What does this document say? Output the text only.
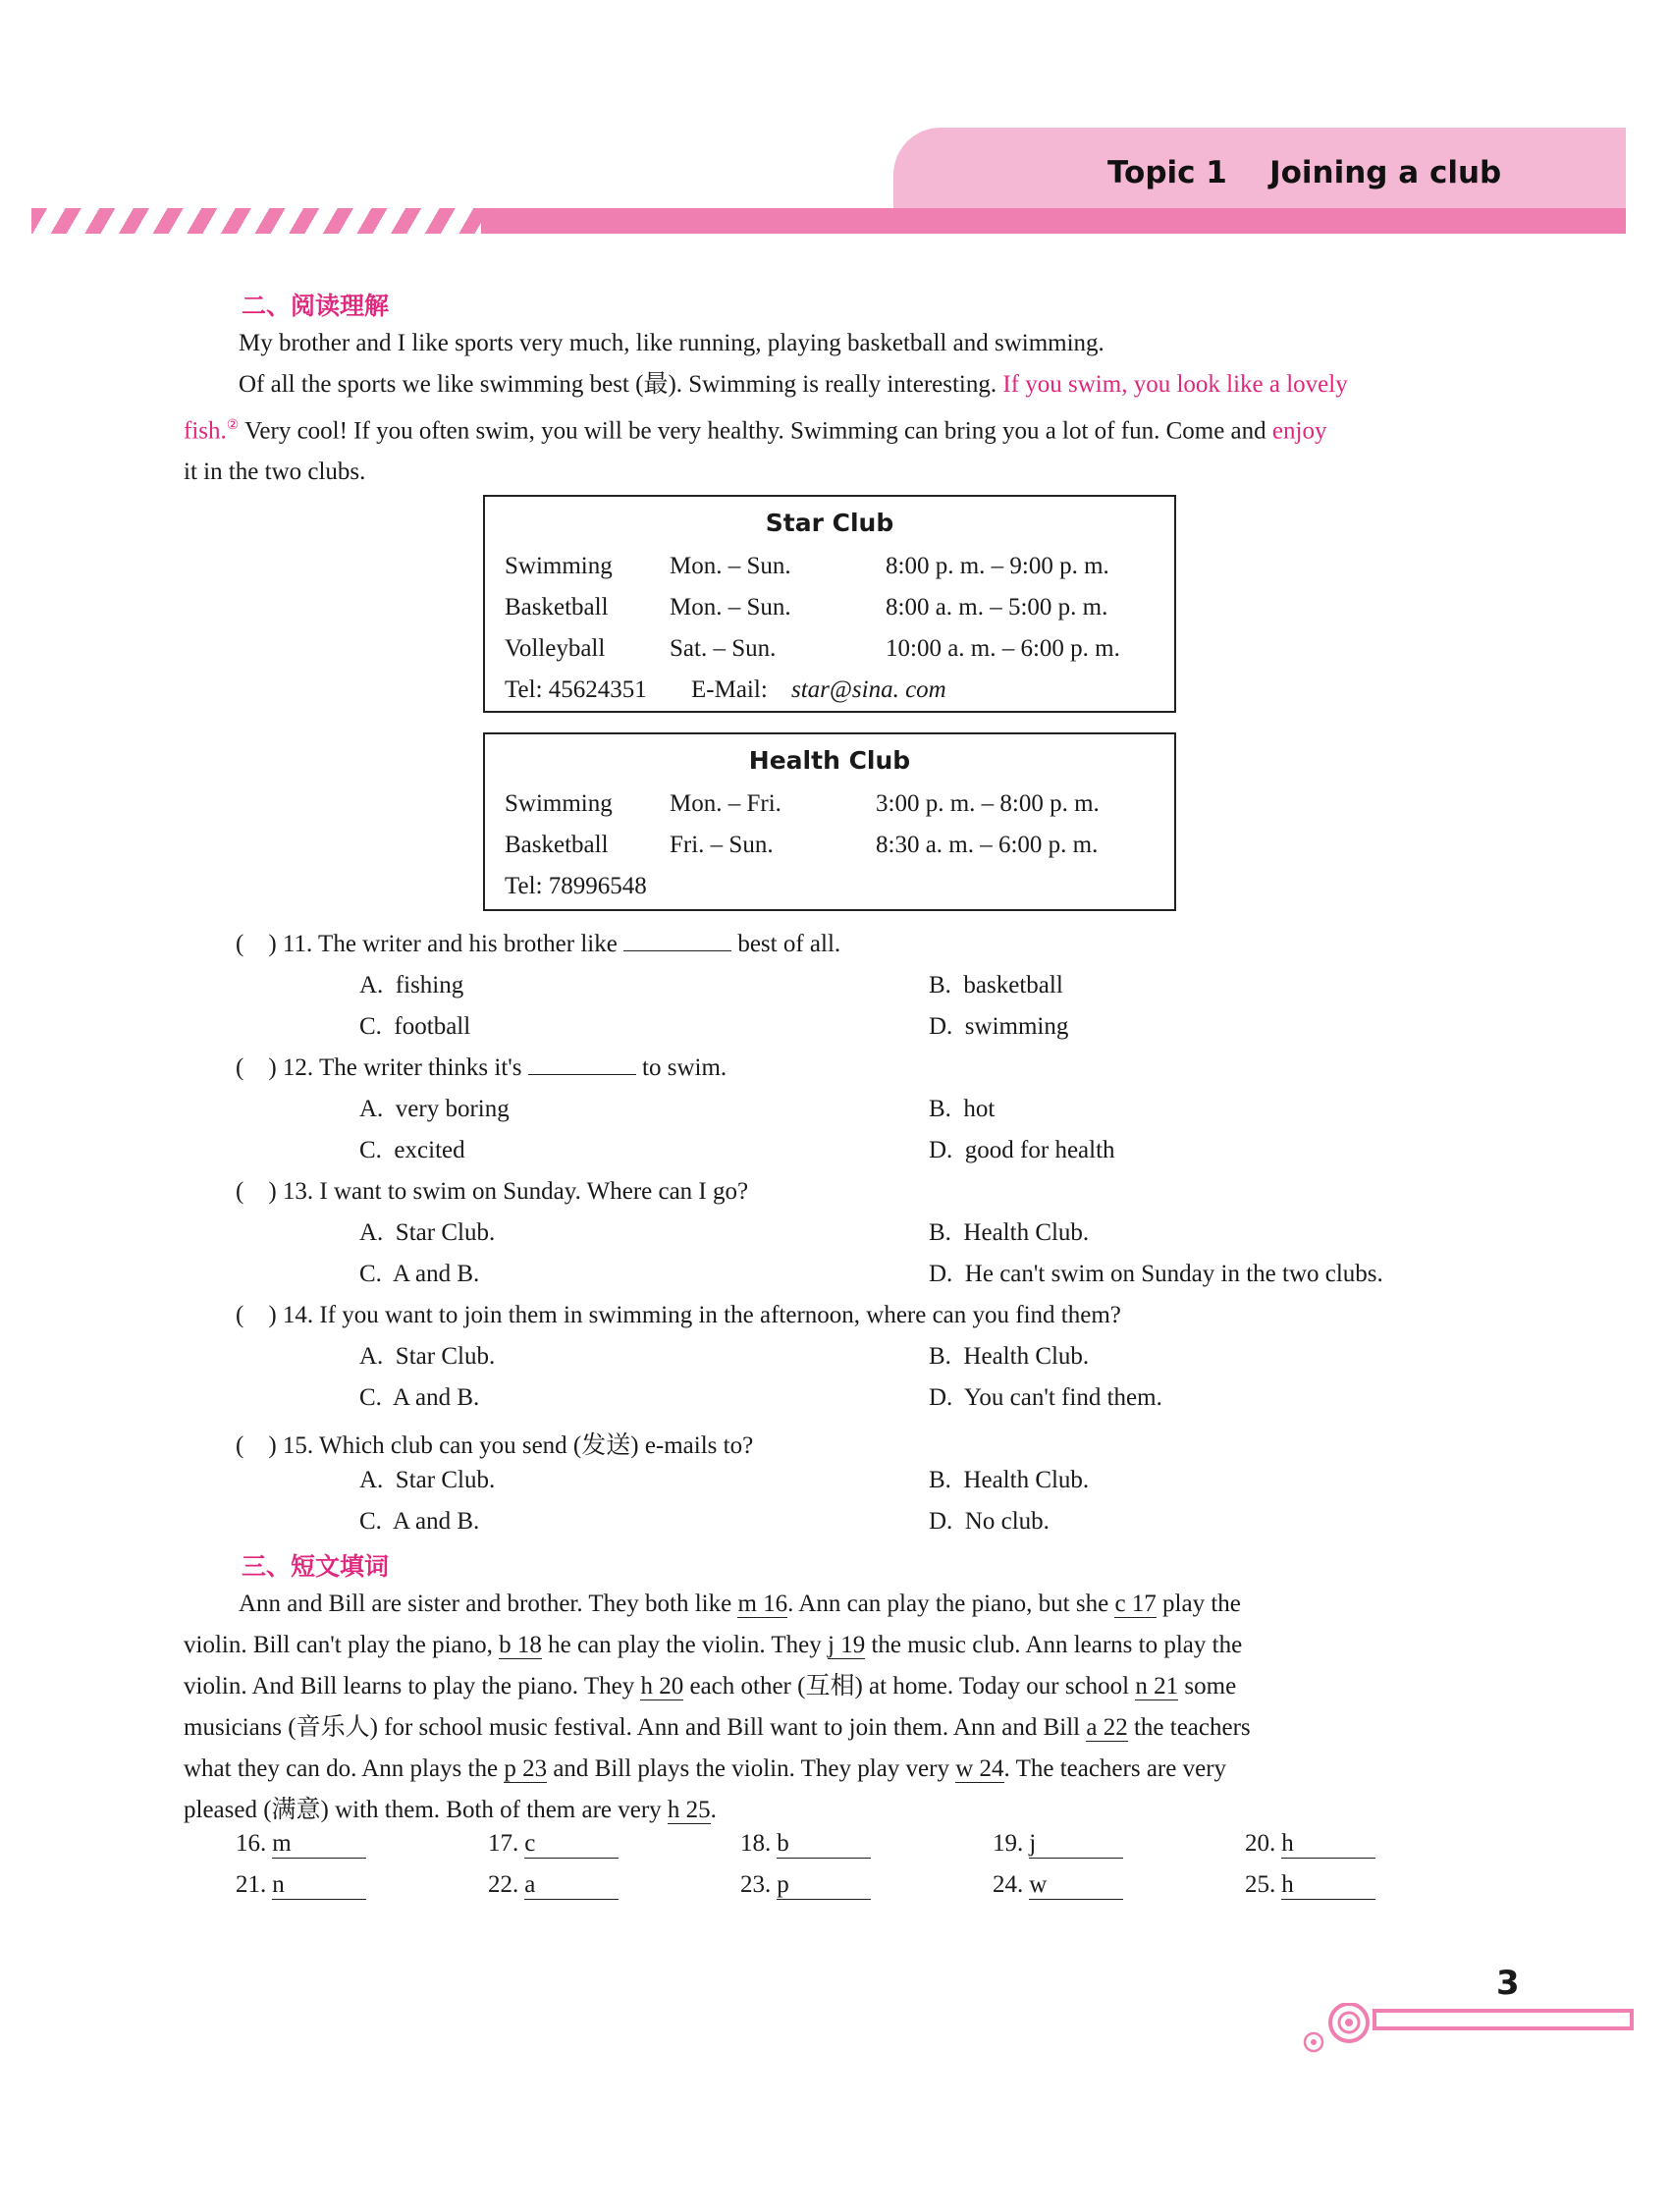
Topic 1 Joining a club
二、阅读理解
My brother and I like sports very much, like running, playing basketball and swimming.
Of all the sports we like swimming best (最). Swimming is really interesting. If you swim, you look like a lovely
fish.② Very cool! If you often swim, you will be very healthy. Swimming can bring you a lot of fun. Come and enjoy
it in the two clubs.
Star Club
Swimming Mon. – Sun.	8:00 p. m. – 9:00 p. m.
Basketball Mon. – Sun.	8:00 a. m. – 5:00 p. m.
Volleyball	Sat. – Sun.	10:00 a. m. – 6:00 p. m.
Tel: 45624351 E-Mail: star@sina. com
Health Club
Swimming Mon. – Fri.	3:00 p. m. – 8:00 p. m.
Basketball Fri. – Sun.	8:30 a. m. – 6:00 p. m.
Tel: 78996548
(    ) 11. The writer and his brother like	best of all.
A.  fishing	B.  basketball
C.  football	D.  swimming
(    ) 12. The writer thinks it's	to swim.
A.  very boring	B.  hot
C.  excited	D.  good for health
(    ) 13. I want to swim on Sunday. Where can I go?
A.  Star Club.	B.  Health Club.
C.  A and B.	D.  He can't swim on Sunday in the two clubs.
(    ) 14. If you want to join them in swimming in the afternoon, where can you find them?
A.  Star Club.	B.  Health Club.
C.  A and B.	D.  You can't find them.
(    ) 15. Which club can you send (发送) e-mails to?
A.  Star Club.	B.  Health Club.
C.  A and B.	D.  No club.
三、短文填词
Ann and Bill are sister and brother. They both like m 16. Ann can play the piano, but she c 17 play the
violin. Bill can't play the piano, b 18 he can play the violin. They j 19 the music club. Ann learns to play the
violin. And Bill learns to play the piano. They h 20 each other (互相) at home. Today our school n 21 some
musicians (音乐人) for school music festival. Ann and Bill want to join them. Ann and Bill a 22 the teachers
what they can do. Ann plays the p 23 and Bill plays the violin. They play very w 24. The teachers are very
pleased (满意) with them. Both of them are very h 25.
16. m	17. c	18. b	19. j	20. h
21. n	22. a	23. p	24. w	25. h
3
